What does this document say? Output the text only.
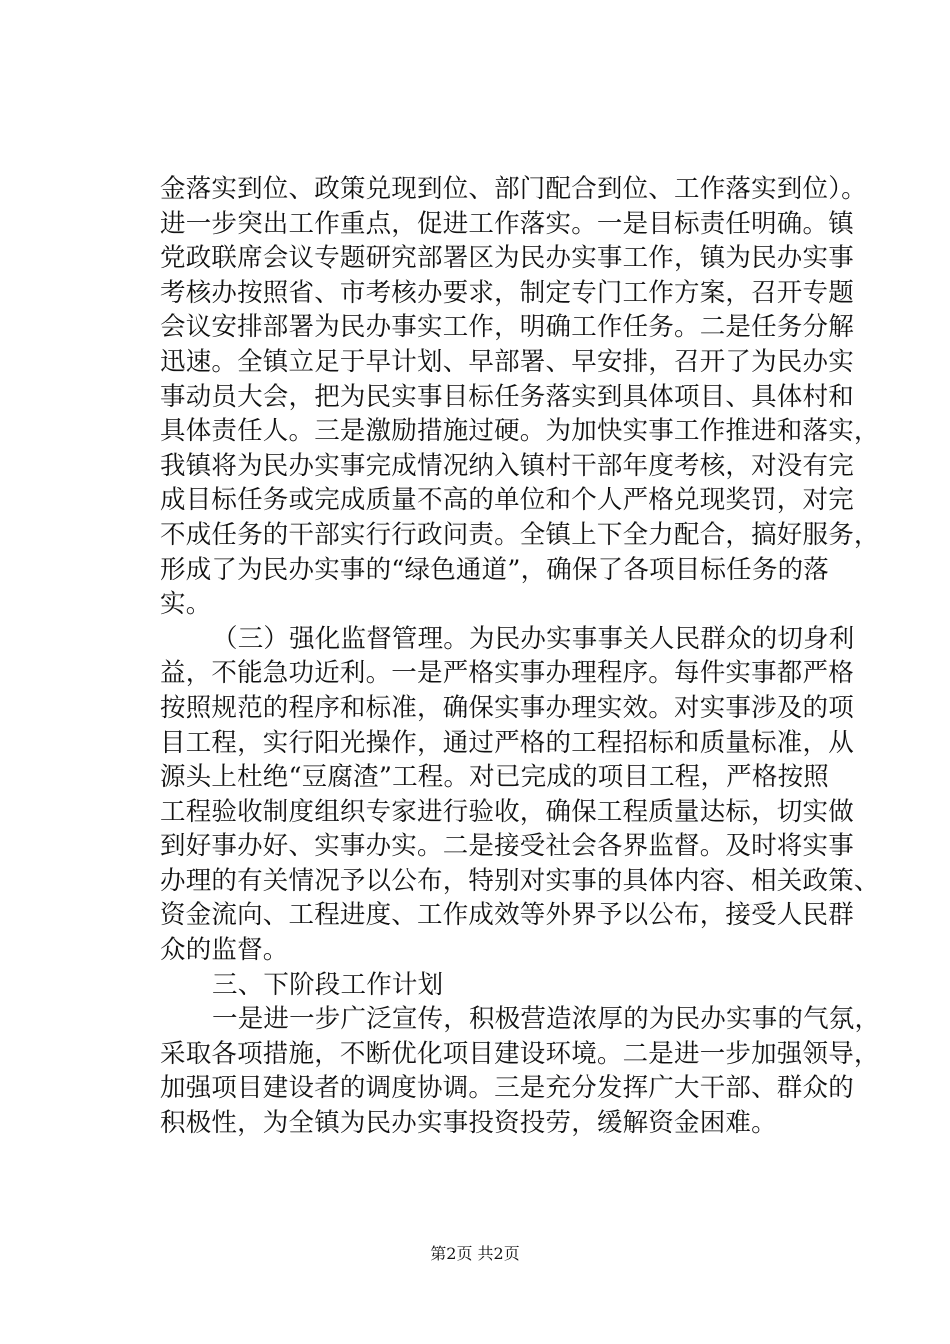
金落实到位、政策兑现到位、部门配合到位、工作落实到位）。
进一步突出工作重点，促进工作落实。一是目标责任明确。镇
党政联席会议专题研究部署区为民办实事工作，镇为民办实事
考核办按照省、市考核办要求，制定专门工作方案，召开专题
会议安排部署为民办事实工作，明确工作任务。二是任务分解
迅速。全镇立足于早计划、早部署、早安排，召开了为民办实
事动员大会，把为民实事目标任务落实到具体项目、具体村和
具体责任人。三是激励措施过硬。为加快实事工作推进和落实，
我镇将为民办实事完成情况纳入镇村干部年度考核，对没有完
成目标任务或完成质量不高的单位和个人严格兑现奖罚，对完
不成任务的干部实行行政问责。全镇上下全力配合，搞好服务，
形成了为民办实事的“绿色通道”，确保了各项目标任务的落
实。
（三）强化监督管理。为民办实事事关人民群众的切身利
益，不能急功近利。一是严格实事办理程序。每件实事都严格
按照规范的程序和标准，确保实事办理实效。对实事涉及的项
目工程，实行阳光操作，通过严格的工程招标和质量标准，从
源头上杜绝“豆腐渣”工程。对已完成的项目工程，严格按照
工程验收制度组织专家进行验收，确保工程质量达标，切实做
到好事办好、实事办实。二是接受社会各界监督。及时将实事
办理的有关情况予以公布，特别对实事的具体内容、相关政策、
资金流向、工程进度、工作成效等外界予以公布，接受人民群
众的监督。
三、下阶段工作计划
一是进一步广泛宣传，积极营造浓厚的为民办实事的气氛，
采取各项措施，不断优化项目建设环境。二是进一步加强领导，
加强项目建设者的调度协调。三是充分发挥广大干部、群众的
积极性，为全镇为民办实事投资投劳，缓解资金困难。
第2页 共2页
